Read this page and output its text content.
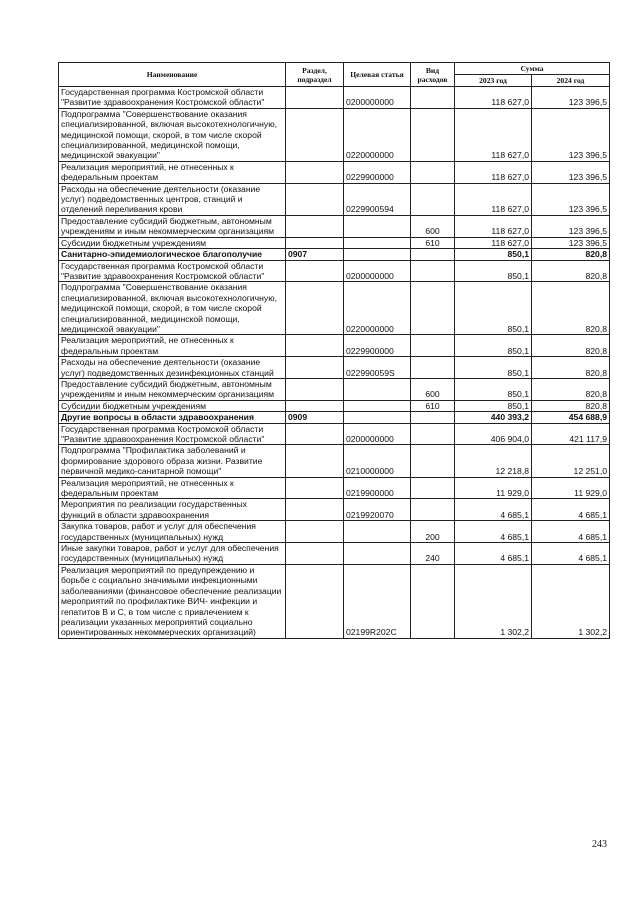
Наименование	Раздел, подраздел	Целевая статья	Вид расходов	Сумма	
				2023 год	2024 год
Государственная программа Костромской области "Развитие здравоохранения Костромской области"		0200000000		118 627,0	123 396,5
Подпрограмма "Совершенствование оказания специализированной, включая высокотехнологичную, медицинской помощи, скорой, в том числе скорой специализированной, медицинской помощи, медицинской эвакуации"		0220000000		118 627,0	123 396,5
Реализация мероприятий, не отнесенных к федеральным проектам		0229900000		118 627,0	123 396,5
Расходы на обеспечение деятельности (оказание услуг) подведомственных центров, станций и отделений переливания крови		0229900594		118 627,0	123 396,5
Предоставление субсидий бюджетным, автономным учреждениям и иным некоммерческим организациям			600	118 627,0	123 396,5
Субсидии бюджетным учреждениям			610	118 627,0	123 396,5
Санитарно-эпидемиологическое благополучие	0907			850,1	820,8
Государственная программа Костромской области "Развитие здравоохранения Костромской области"		0200000000		850,1	820,8
Подпрограмма "Совершенствование оказания специализированной, включая высокотехнологичную, медицинской помощи, скорой, в том числе скорой специализированной, медицинской помощи, медицинской эвакуации"		0220000000		850,1	820,8
Реализация мероприятий, не отнесенных к федеральным проектам		0229900000		850,1	820,8
Расходы на обеспечение деятельности (оказание услуг) подведомственных дезинфекционных станций		022990059S		850,1	820,8
Предоставление субсидий бюджетным, автономным учреждениям и иным некоммерческим организациям			600	850,1	820,8
Субсидии бюджетным учреждениям			610	850,1	820,8
Другие вопросы в области здравоохранения	0909			440 393,2	454 688,9
Государственная программа Костромской области "Развитие здравоохранения Костромской области"		0200000000		406 904,0	421 117,9
Подпрограмма "Профилактика заболеваний и формирование здорового образа жизни. Развитие первичной медико-санитарной помощи"		0210000000		12 218,8	12 251,0
Реализация мероприятий, не отнесенных к федеральным проектам		0219900000		11 929,0	11 929,0
Мероприятия по реализации государственных функций в области здравоохранения		0219920070		4 685,1	4 685,1
Закупка товаров, работ и услуг для обеспечения государственных (муниципальных) нужд			200	4 685,1	4 685,1
Иные закупки товаров, работ и услуг для обеспечения государственных (муниципальных) нужд			240	4 685,1	4 685,1
Реализация мероприятий по предупреждению и борьбе с социально значимыми инфекционными заболеваниями (финансовое обеспечение реализации мероприятий по профилактике ВИЧ- инфекции и гепатитов В и С, в том числе с привлечением к реализации указанных мероприятий социально ориентированных некоммерческих организаций)		02199R202C		1 302,2	1 302,2
243
